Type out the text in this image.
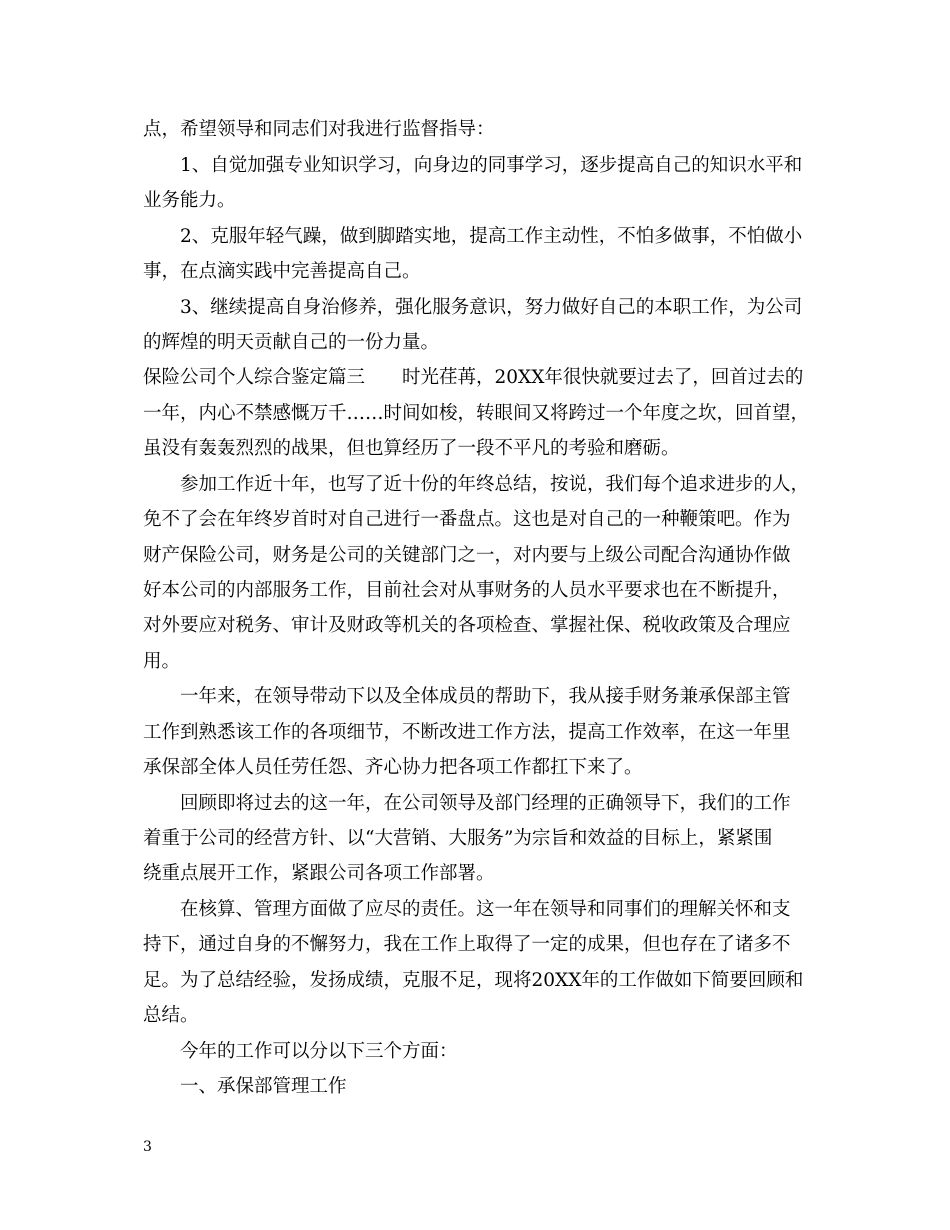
点，希望领导和同志们对我进行监督指导：
1、自觉加强专业知识学习，向身边的同事学习，逐步提高自己的知识水平和
业务能力。
2、克服年轻气躁，做到脚踏实地，提高工作主动性，不怕多做事，不怕做小
事，在点滴实践中完善提高自己。
3、继续提高自身治修养，强化服务意识，努力做好自己的本职工作，为公司
的辉煌的明天贡献自己的一份力量。
保险公司个人综合鉴定篇三　　时光荏苒，20XX年很快就要过去了，回首过去的
一年，内心不禁感慨万千……时间如梭，转眼间又将跨过一个年度之坎，回首望，
虽没有轰轰烈烈的战果，但也算经历了一段不平凡的考验和磨砺。
参加工作近十年，也写了近十份的年终总结，按说，我们每个追求进步的人，
免不了会在年终岁首时对自己进行一番盘点。这也是对自己的一种鞭策吧。作为
财产保险公司，财务是公司的关键部门之一，对内要与上级公司配合沟通协作做
好本公司的内部服务工作，目前社会对从事财务的人员水平要求也在不断提升，
对外要应对税务、审计及财政等机关的各项检查、掌握社保、税收政策及合理应
用。
一年来，在领导带动下以及全体成员的帮助下，我从接手财务兼承保部主管
工作到熟悉该工作的各项细节，不断改进工作方法，提高工作效率，在这一年里
承保部全体人员任劳任怨、齐心协力把各项工作都扛下来了。
回顾即将过去的这一年，在公司领导及部门经理的正确领导下，我们的工作
着重于公司的经营方针、以“大营销、大服务”为宗旨和效益的目标上，紧紧围
绕重点展开工作，紧跟公司各项工作部署。
在核算、管理方面做了应尽的责任。这一年在领导和同事们的理解关怀和支
持下，通过自身的不懈努力，我在工作上取得了一定的成果，但也存在了诸多不
足。为了总结经验，发扬成绩，克服不足，现将20XX年的工作做如下简要回顾和
总结。
今年的工作可以分以下三个方面：
一、承保部管理工作
3
